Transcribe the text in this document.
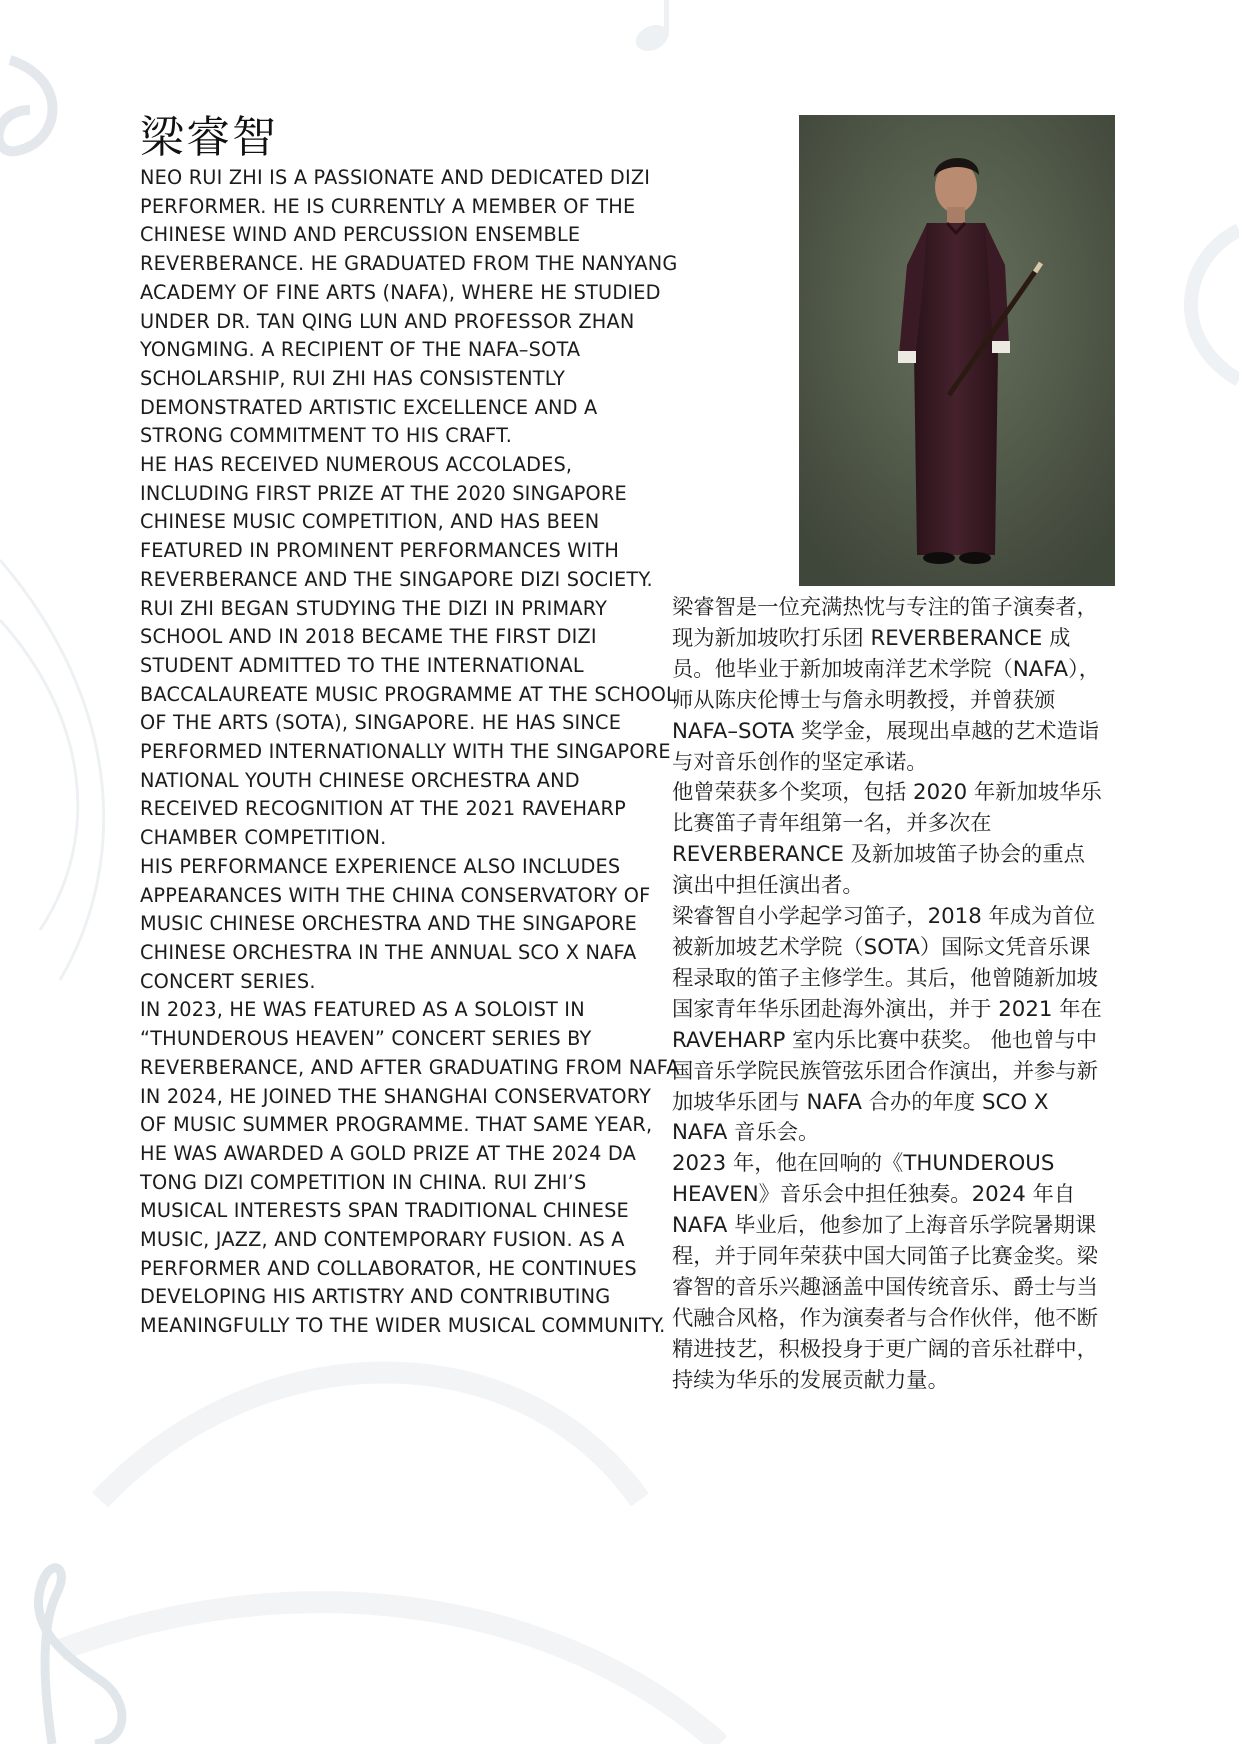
梁睿智

NEO RUI ZHI IS A PASSIONATE AND DEDICATED DIZI PERFORMER. HE IS CURRENTLY A MEMBER OF THE CHINESE WIND AND PERCUSSION ENSEMBLE REVERBERANCE. HE GRADUATED FROM THE NANYANG ACADEMY OF FINE ARTS (NAFA), WHERE HE STUDIED UNDER DR. TAN QING LUN AND PROFESSOR ZHAN YONGMING. A RECIPIENT OF THE NAFA–SOTA SCHOLARSHIP, RUI ZHI HAS CONSISTENTLY DEMONSTRATED ARTISTIC EXCELLENCE AND A STRONG COMMITMENT TO HIS CRAFT.

HE HAS RECEIVED NUMEROUS ACCOLADES, INCLUDING FIRST PRIZE AT THE 2020 SINGAPORE CHINESE MUSIC COMPETITION, AND HAS BEEN FEATURED IN PROMINENT PERFORMANCES WITH REVERBERANCE AND THE SINGAPORE DIZI SOCIETY.

RUI ZHI BEGAN STUDYING THE DIZI IN PRIMARY SCHOOL AND IN 2018 BECAME THE FIRST DIZI STUDENT ADMITTED TO THE INTERNATIONAL BACCALAUREATE MUSIC PROGRAMME AT THE SCHOOL OF THE ARTS (SOTA), SINGAPORE. HE HAS SINCE PERFORMED INTERNATIONALLY WITH THE SINGAPORE NATIONAL YOUTH CHINESE ORCHESTRA AND RECEIVED RECOGNITION AT THE 2021 RAVEHARP CHAMBER COMPETITION.

HIS PERFORMANCE EXPERIENCE ALSO INCLUDES APPEARANCES WITH THE CHINA CONSERVATORY OF MUSIC CHINESE ORCHESTRA AND THE SINGAPORE CHINESE ORCHESTRA IN THE ANNUAL SCO X NAFA CONCERT SERIES.

IN 2023, HE WAS FEATURED AS A SOLOIST IN “THUNDEROUS HEAVEN” CONCERT SERIES BY REVERBERANCE, AND AFTER GRADUATING FROM NAFA IN 2024, HE JOINED THE SHANGHAI CONSERVATORY OF MUSIC SUMMER PROGRAMME. THAT SAME YEAR, HE WAS AWARDED A GOLD PRIZE AT THE 2024 DA TONG DIZI COMPETITION IN CHINA. RUI ZHI’S MUSICAL INTERESTS SPAN TRADITIONAL CHINESE MUSIC, JAZZ, AND CONTEMPORARY FUSION. AS A PERFORMER AND COLLABORATOR, HE CONTINUES DEVELOPING HIS ARTISTRY AND CONTRIBUTING MEANINGFULLY TO THE WIDER MUSICAL COMMUNITY.

梁睿智是一位充满热忱与专注的笛子演奏者，现为新加坡吹打乐团 REVERBERANCE 成员。他毕业于新加坡南洋艺术学院（NAFA），师从陈庆伦博士与詹永明教授，并曾获颁 NAFA–SOTA 奖学金，展现出卓越的艺术造诣与对音乐创作的坚定承诺。

他曾荣获多个奖项，包括 2020 年新加坡华乐比赛笛子青年组第一名，并多次在 REVERBERANCE 及新加坡笛子协会的重点演出中担任演出者。

梁睿智自小学起学习笛子，2018 年成为首位被新加坡艺术学院（SOTA）国际文凭音乐课程录取的笛子主修学生。其后，他曾随新加坡国家青年华乐团赴海外演出，并于 2021 年在 RAVEHARP 室内乐比赛中获奖。 他也曾与中国音乐学院民族管弦乐团合作演出，并参与新加坡华乐团与 NAFA 合办的年度 SCO X NAFA 音乐会。

2023 年，他在回响的《THUNDEROUS HEAVEN》音乐会中担任独奏。2024 年自 NAFA 毕业后，他参加了上海音乐学院暑期课程，并于同年荣获中国大同笛子比赛金奖。梁睿智的音乐兴趣涵盖中国传统音乐、爵士与当代融合风格，作为演奏者与合作伙伴，他不断精进技艺，积极投身于更广阔的音乐社群中，持续为华乐的发展贡献力量。
